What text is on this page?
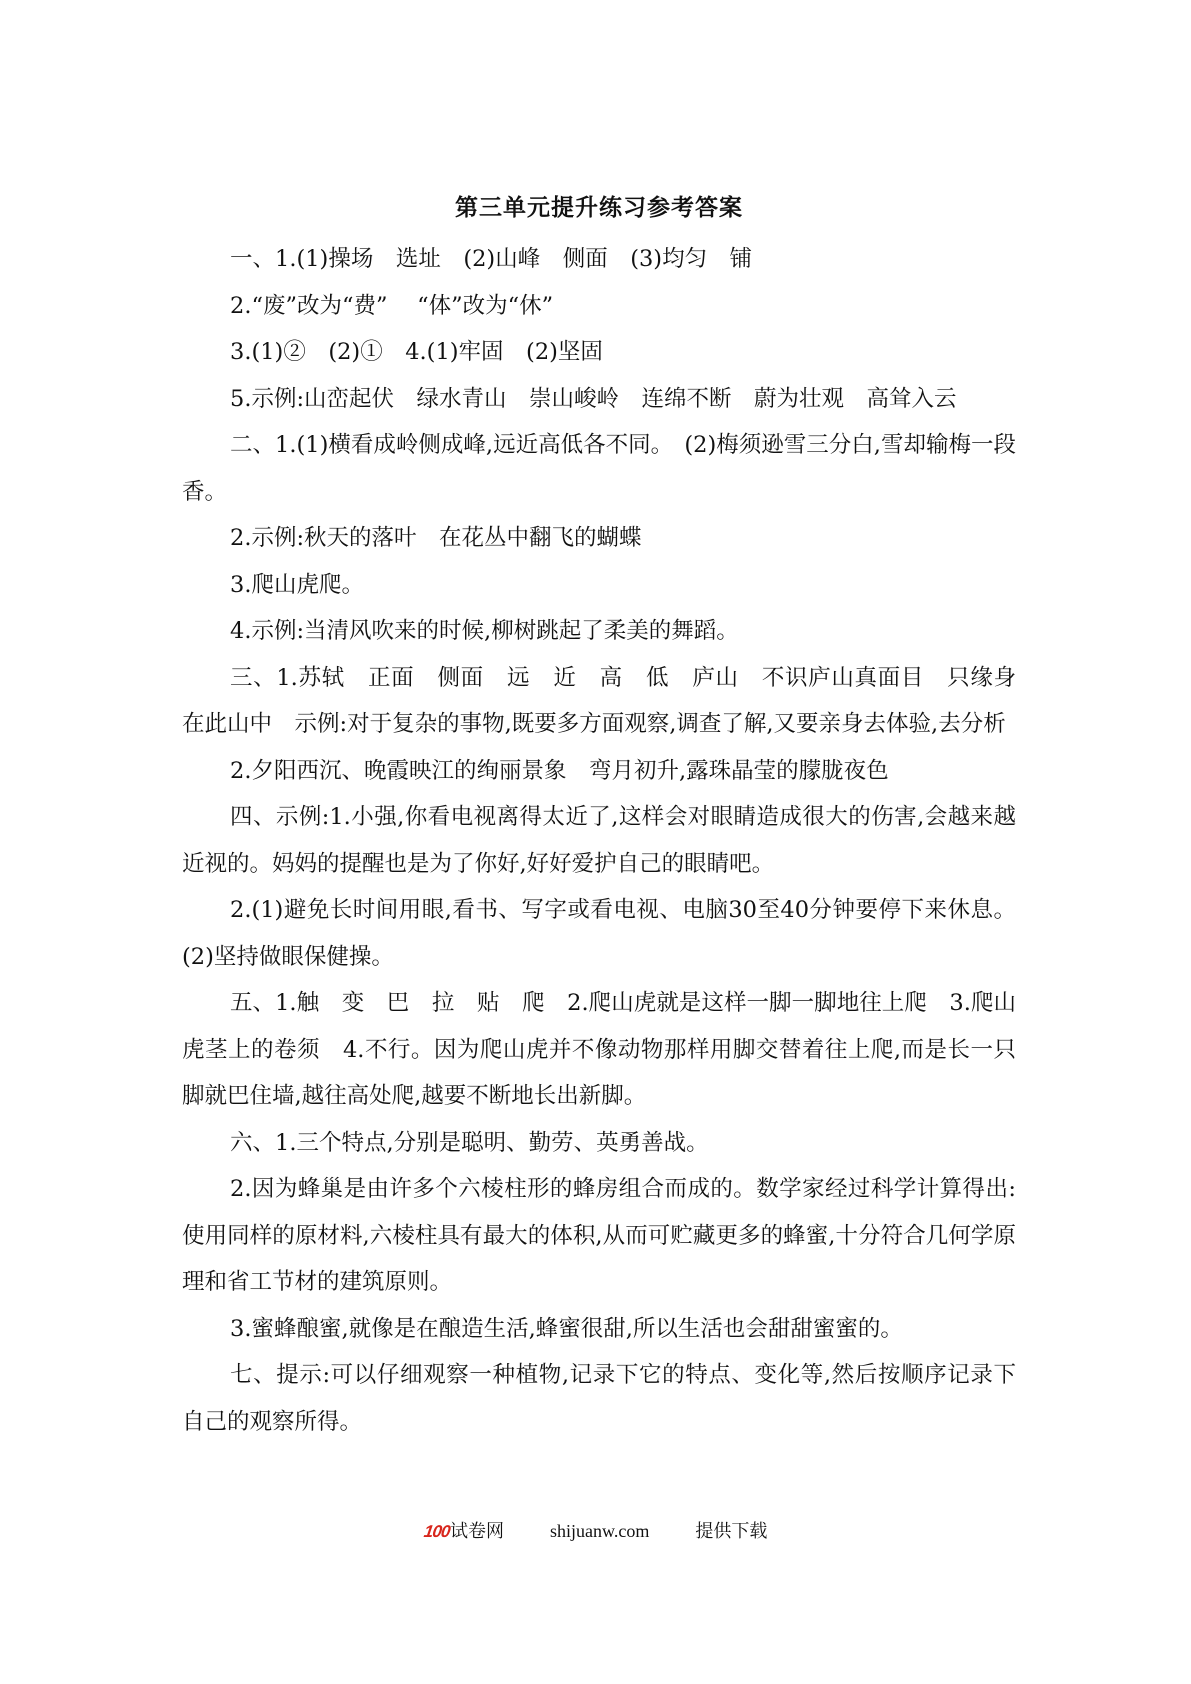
第三单元提升练习参考答案

一、1.(1)操场　选址　(2)山峰　侧面　(3)均匀　铺

2.“废”改为“费”　 “体”改为“休”

3.(1)②　(2)①　4.(1)牢固　(2)坚固

5.示例:山峦起伏　绿水青山　崇山峻岭　连绵不断　蔚为壮观　高耸入云

二、1.(1)横看成岭侧成峰,远近高低各不同。　(2)梅须逊雪三分白,雪却输梅一段香。

2.示例:秋天的落叶　在花丛中翻飞的蝴蝶

3.爬山虎爬。

4.示例:当清风吹来的时候,柳树跳起了柔美的舞蹈。

三、1.苏轼　正面　侧面　远　近　高　低　庐山　不识庐山真面目　只缘身在此山中　示例:对于复杂的事物,既要多方面观察,调查了解,又要亲身去体验,去分析

2.夕阳西沉、晚霞映江的绚丽景象　弯月初升,露珠晶莹的朦胧夜色

四、示例:1.小强,你看电视离得太近了,这样会对眼睛造成很大的伤害,会越来越近视的。妈妈的提醒也是为了你好,好好爱护自己的眼睛吧。

2.(1)避免长时间用眼,看书、写字或看电视、电脑30至40分钟要停下来休息。(2)坚持做眼保健操。

五、1.触　变　巴　拉　贴　爬　2.爬山虎就是这样一脚一脚地往上爬　3.爬山虎茎上的卷须　4.不行。因为爬山虎并不像动物那样用脚交替着往上爬,而是长一只脚就巴住墙,越往高处爬,越要不断地长出新脚。

六、1.三个特点,分别是聪明、勤劳、英勇善战。

2.因为蜂巢是由许多个六棱柱形的蜂房组合而成的。数学家经过科学计算得出:使用同样的原材料,六棱柱具有最大的体积,从而可贮藏更多的蜂蜜,十分符合几何学原理和省工节材的建筑原则。

3.蜜蜂酿蜜,就像是在酿造生活,蜂蜜很甜,所以生活也会甜甜蜜蜜的。

七、提示:可以仔细观察一种植物,记录下它的特点、变化等,然后按顺序记录下自己的观察所得。

100试卷网	shijuanw.com	提供下载
